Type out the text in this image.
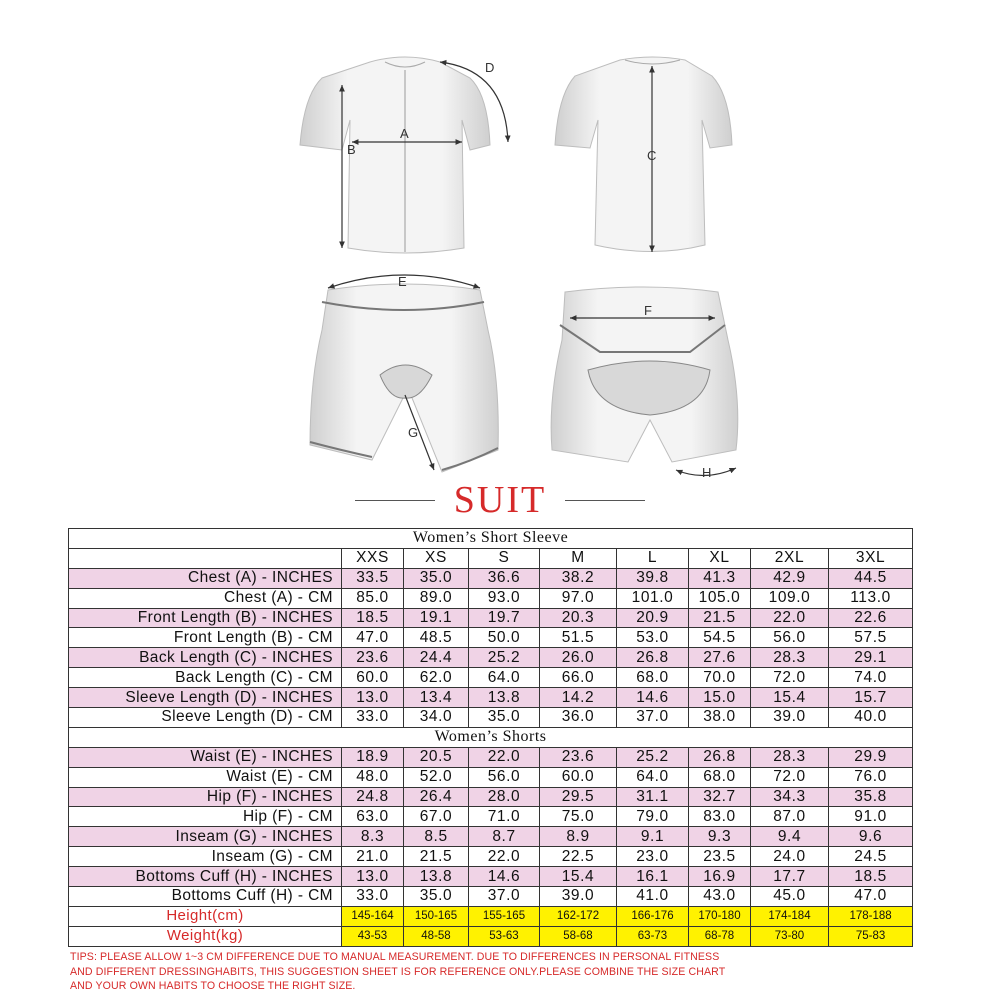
A
B
D
C
E
G
F
H
SUIT
Women’s Short Sleeve								
	XXS	XS	S	M	L	XL	2XL	3XL
Chest (A) - INCHES	33.5	35.0	36.6	38.2	39.8	41.3	42.9	44.5
Chest (A) - CM	85.0	89.0	93.0	97.0	101.0	105.0	109.0	113.0
Front Length (B) - INCHES	18.5	19.1	19.7	20.3	20.9	21.5	22.0	22.6
Front Length (B) - CM	47.0	48.5	50.0	51.5	53.0	54.5	56.0	57.5
Back Length (C) - INCHES	23.6	24.4	25.2	26.0	26.8	27.6	28.3	29.1
Back Length (C) - CM	60.0	62.0	64.0	66.0	68.0	70.0	72.0	74.0
Sleeve Length (D) - INCHES	13.0	13.4	13.8	14.2	14.6	15.0	15.4	15.7
Sleeve Length (D) - CM	33.0	34.0	35.0	36.0	37.0	38.0	39.0	40.0
Women’s Shorts								
Waist (E) - INCHES	18.9	20.5	22.0	23.6	25.2	26.8	28.3	29.9
Waist (E) - CM	48.0	52.0	56.0	60.0	64.0	68.0	72.0	76.0
Hip (F) - INCHES	24.8	26.4	28.0	29.5	31.1	32.7	34.3	35.8
Hip (F) - CM	63.0	67.0	71.0	75.0	79.0	83.0	87.0	91.0
Inseam (G) - INCHES	8.3	8.5	8.7	8.9	9.1	9.3	9.4	9.6
Inseam (G) - CM	21.0	21.5	22.0	22.5	23.0	23.5	24.0	24.5
Bottoms Cuff (H) - INCHES	13.0	13.8	14.6	15.4	16.1	16.9	17.7	18.5
Bottoms Cuff (H) - CM	33.0	35.0	37.0	39.0	41.0	43.0	45.0	47.0
Height(cm)	145-164	150-165	155-165	162-172	166-176	170-180	174-184	178-188
Weight(kg)	43-53	48-58	53-63	58-68	63-73	68-78	73-80	75-83
TIPS: PLEASE ALLOW 1~3 CM DIFFERENCE DUE TO MANUAL MEASUREMENT. DUE TO DIFFERENCES IN PERSONAL FITNESS
AND DIFFERENT DRESSINGHABITS, THIS SUGGESTION SHEET IS FOR REFERENCE ONLY.PLEASE COMBINE THE SIZE CHART
AND YOUR OWN HABITS TO CHOOSE THE RIGHT SIZE.
